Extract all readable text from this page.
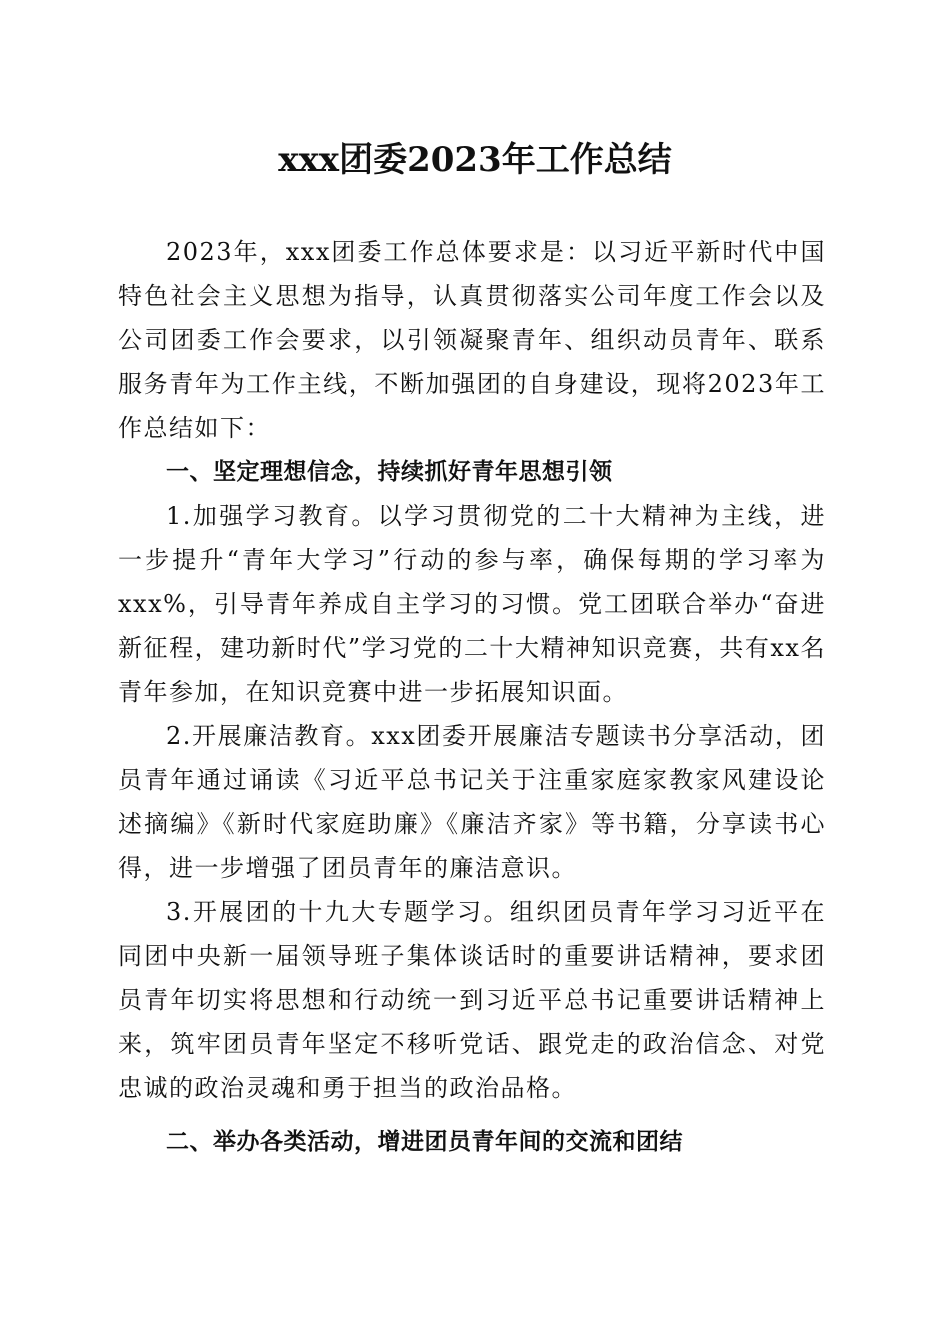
xxx团委2023年工作总结

2023年，xxx团委工作总体要求是：以习近平新时代中国特色社会主义思想为指导，认真贯彻落实公司年度工作会以及公司团委工作会要求，以引领凝聚青年、组织动员青年、联系服务青年为工作主线，不断加强团的自身建设，现将2023年工作总结如下：

一、坚定理想信念，持续抓好青年思想引领

1.加强学习教育。以学习贯彻党的二十大精神为主线，进一步提升“青年大学习”行动的参与率，确保每期的学习率为xxx%，引导青年养成自主学习的习惯。党工团联合举办“奋进新征程，建功新时代”学习党的二十大精神知识竞赛，共有xx名青年参加，在知识竞赛中进一步拓展知识面。

2.开展廉洁教育。xxx团委开展廉洁专题读书分享活动，团员青年通过诵读《习近平总书记关于注重家庭家教家风建设论述摘编》《新时代家庭助廉》《廉洁齐家》等书籍，分享读书心得，进一步增强了团员青年的廉洁意识。

3.开展团的十九大专题学习。组织团员青年学习习近平在同团中央新一届领导班子集体谈话时的重要讲话精神，要求团员青年切实将思想和行动统一到习近平总书记重要讲话精神上来，筑牢团员青年坚定不移听党话、跟党走的政治信念、对党忠诚的政治灵魂和勇于担当的政治品格。

二、举办各类活动，增进团员青年间的交流和团结
